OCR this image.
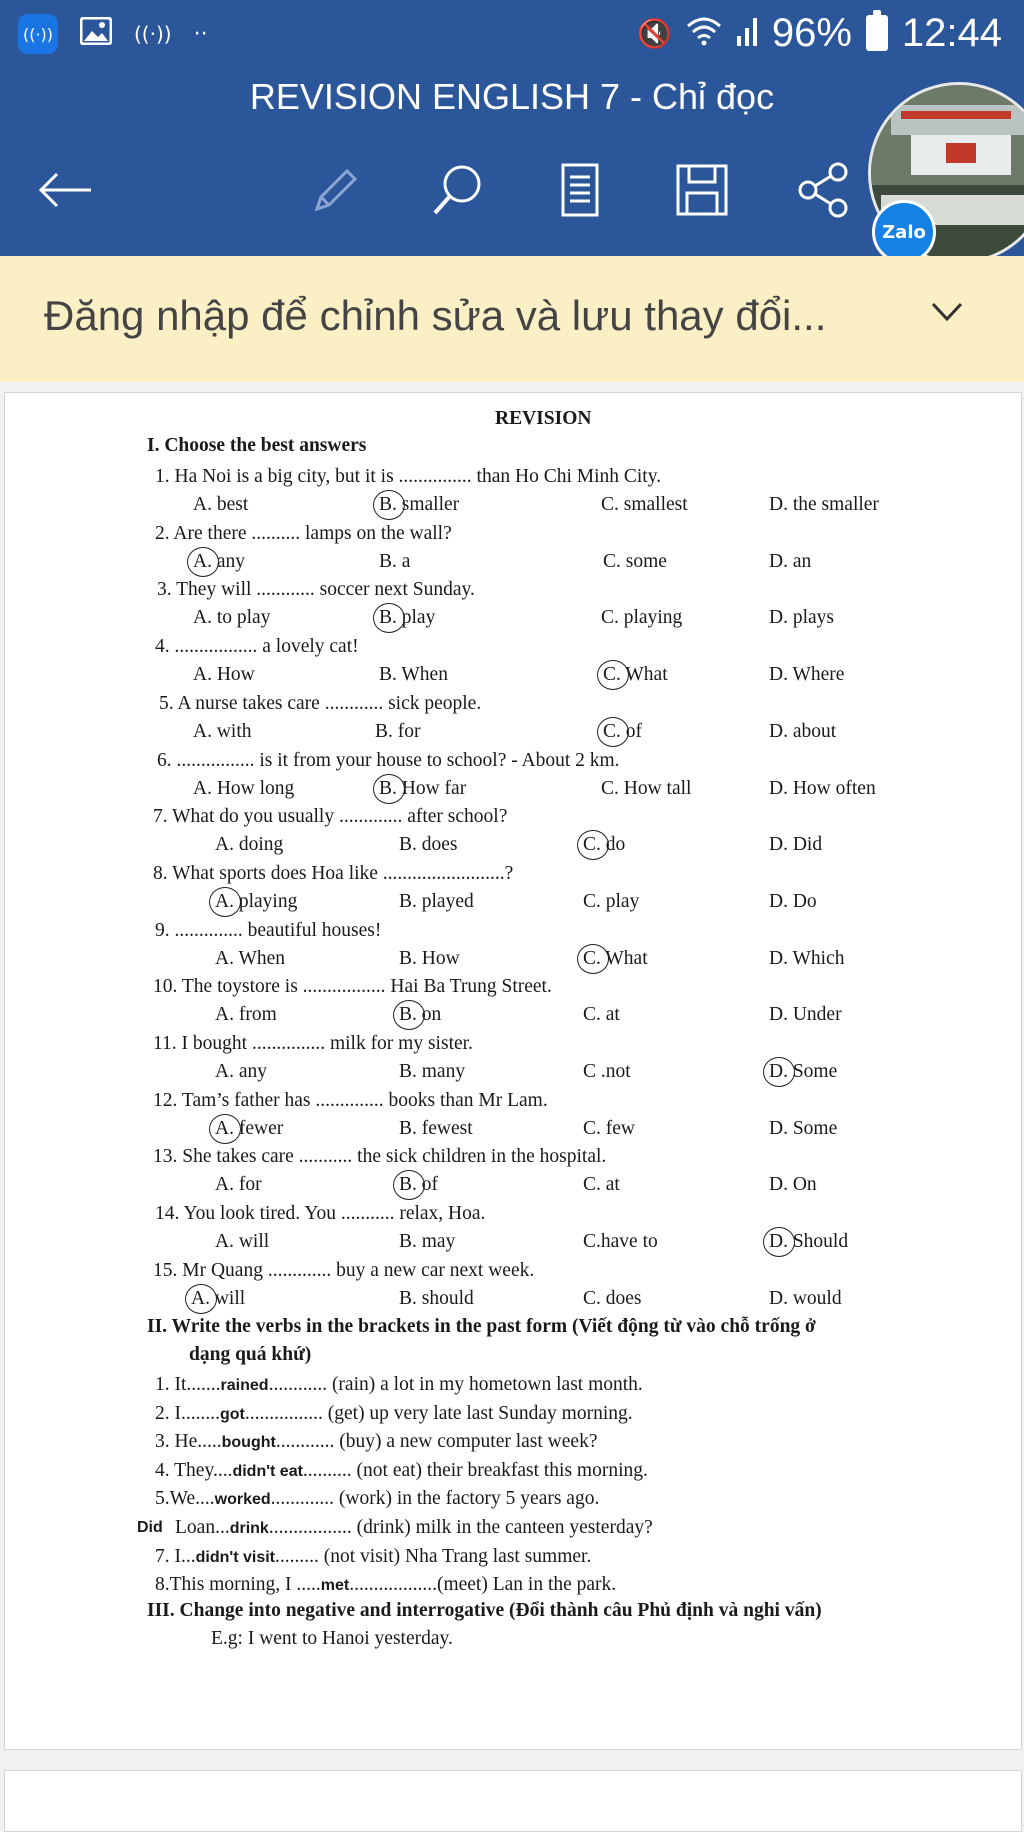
((·))	((·)) ··	🔇	96% 12:44
REVISION ENGLISH 7 - Chỉ đọc
Zalo
Đăng nhập để chỉnh sửa và lưu thay đổi...
REVISION
I. Choose the best answers
1. Ha Noi is a big city, but it is ............... than Ho Chi Minh City.
A. best	B. smaller	C. smallest	D. the smaller
2. Are there .......... lamps on the wall?
A. any	B. a	C. some	D. an
3. They will ............ soccer next Sunday.
A. to play	B. play	C. playing	D. plays
4. ................. a lovely cat!
A. How	B. When	C. What	D. Where
5. A nurse takes care ............ sick people.
A. with	B. for	C. of	D. about
6. ................ is it from your house to school? - About 2 km.
A. How long	B. How far	C. How tall	D. How often
7. What do you usually ............. after school?
A. doing	B. does	C. do	D. Did
8. What sports does Hoa like .........................?
A. playing	B. played	C. play	D. Do
9. .............. beautiful houses!
A. When	B. How	C. What	D. Which
10. The toystore is ................. Hai Ba Trung Street.
A. from	B. on	C. at	D. Under
11. I bought ............... milk for my sister.
A. any	B. many	C .not	D. Some
12. Tam’s father has .............. books than Mr Lam.
A. fewer	B. fewest	C. few	D. Some
13. She takes care ........... the sick children in the hospital.
A. for	B. of	C. at	D. On
14. You look tired. You ........... relax, Hoa.
A. will	B. may	C.have to	D. Should
15. Mr Quang ............. buy a new car next week.
A. will	B. should	C. does	D. would
II. Write the verbs in the brackets in the past form (Viết động từ vào chỗ trống ở
dạng quá khứ)
1. It.......rained............ (rain) a lot in my hometown last month.
2. I........got................ (get) up very late last Sunday morning.
3. He.....bought............ (buy) a new computer last week?
4. They....didn't eat.......... (not eat) their breakfast this morning.
5.We....worked............. (work) in the factory 5 years ago.
Loan...drink................. (drink) milk in the canteen yesterday?
Did
7. I...didn't visit......... (not visit) Nha Trang last summer.
8.This morning, I .....met..................(meet) Lan in the park.
III. Change into negative and interrogative (Đổi thành câu Phủ định và nghi vấn)
E.g: I went to Hanoi yesterday.
